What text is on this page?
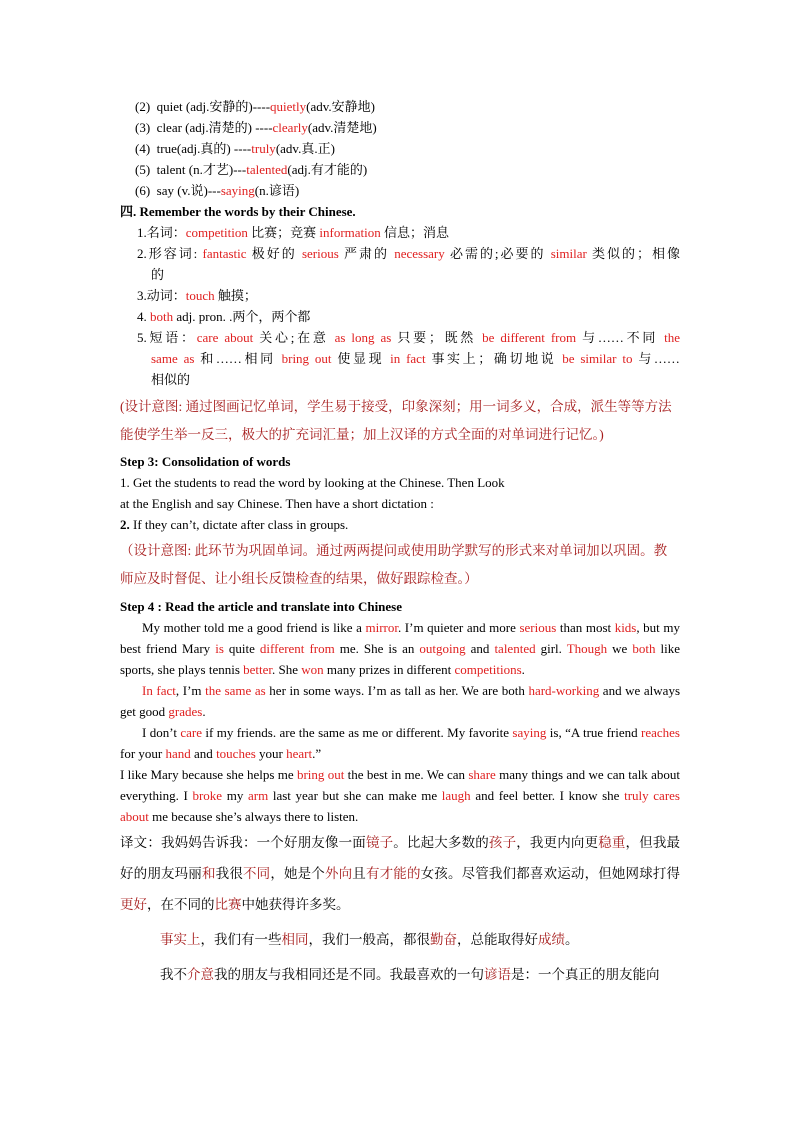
(2) quiet (adj.安静的)----quietly(adv.安静地)
(3) clear (adj.清楚的) ----clearly(adv.清楚地)
(4) true(adj.真的) ----truly(adv.真.正)
(5) talent (n.才艺)---talented(adj.有才能的)
(6) say (v.说)---saying(n.谚语)
四. Remember the words by their Chinese.
1.名词：competition 比赛；竞赛 information 信息；消息
2.形容词: fantastic 极好的 serious 严肃的 necessary 必需的;必要的 similar 类似的；相像
的
3.动词：touch 触摸；
4. both adj. pron. .两个，两个都
5.短语：care about 关心;在意 as long as 只要；既然 be different from 与……不同 the
same as 和……相同 bring out 使显现 in fact 事实上；确切地说 be similar to 与……
相似的
(设计意图: 通过图画记忆单词，学生易于接受，印象深刻；用一词多义，合成，派生等等方法能使学生举一反三，极大的扩充词汇量；加上汉译的方式全面的对单词进行记忆。)
Step 3: Consolidation of words
1. Get the students to read the word by looking at the Chinese. Then Look
at the English and say Chinese. Then have a short dictation :
2. If they can’t, dictate after class in groups.
（设计意图: 此环节为巩固单词。通过两两提问或使用助学默写的形式来对单词加以巩固。教师应及时督促、让小组长反馈检查的结果，做好跟踪检查。）
Step 4 : Read the article and translate into Chinese
My mother told me a good friend is like a mirror. I’m quieter and more serious than most kids, but my best friend Mary is quite different from me. She is an outgoing and talented girl. Though we both like sports, she plays tennis better. She won many prizes in different competitions.
In fact, I’m the same as her in some ways. I’m as tall as her. We are both hard-working and we always get good grades.
I don’t care if my friends. are the same as me or different. My favorite saying is, “A true friend reaches for your hand and touches your heart.”
I like Mary because she helps me bring out the best in me. We can share many things and we can talk about everything. I broke my arm last year but she can make me laugh and feel better. I know she truly cares about me because she’s always there to listen.
译文：我妈妈告诉我：一个好朋友像一面镜子。比起大多数的孩子，我更内向更稳重，但我最好的朋友玛丽和我很不同，她是个外向且有才能的女孩。尽管我们都喜欢运动，但她网球打得更好，在不同的比赛中她获得许多奖。
事实上，我们有一些相同，我们一般高，都很勤奋，总能取得好成绩。
我不介意我的朋友与我相同还是不同。我最喜欢的一句谚语是：一个真正的朋友能向
